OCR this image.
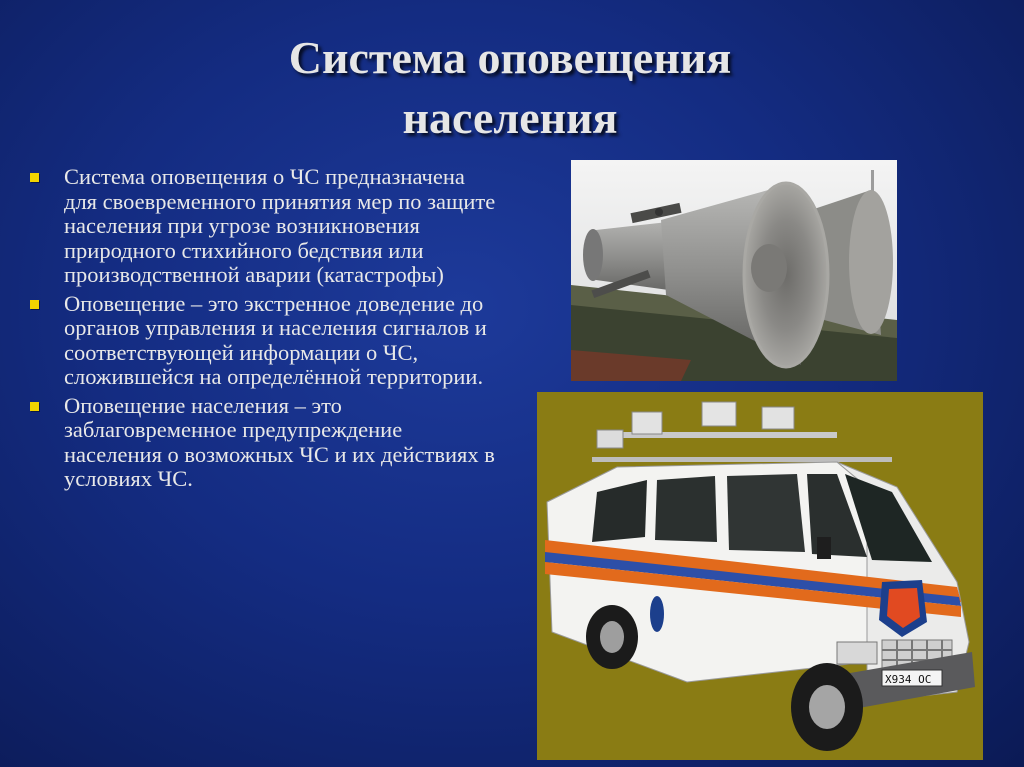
Система оповещения
населения
Система оповещения о ЧС предназначена для своевременного принятия мер по защите населения при угрозе возникновения природного стихийного бедствия или производственной аварии (катастрофы)
Оповещение – это экстренное доведение до органов управления и населения сигналов и соответствующей информации о ЧС, сложившейся на определённой территории.
Оповещение населения – это заблаговременное предупреждение населения о возможных ЧС и их действиях в условиях ЧС.
Х934 ОС
